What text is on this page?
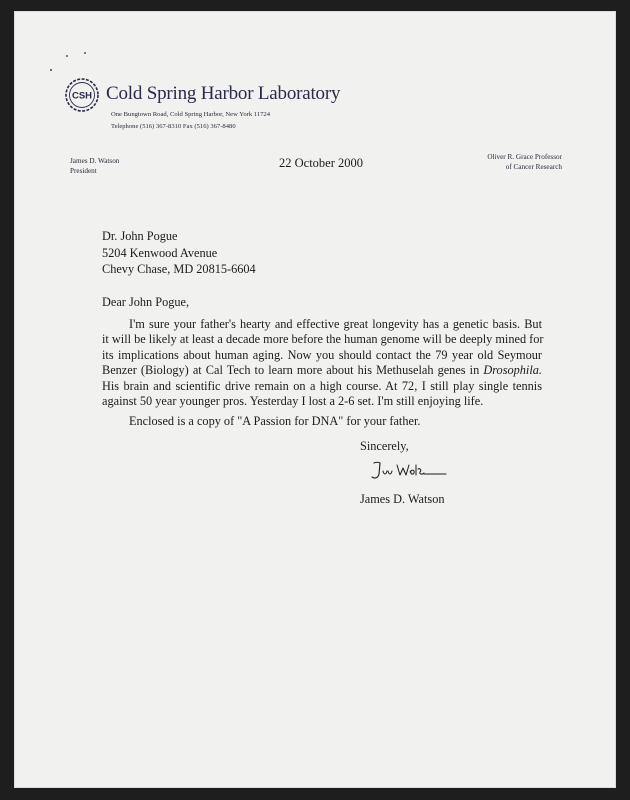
CSH Cold Spring Harbor Laboratory
One Bungtown Road, Cold Spring Harbor, New York 11724
Telephone (516) 367-8310 Fax (516) 367-8480
James D. Watson
President
22 October 2000	Oliver R. Grace Professor
of Cancer Research
Dr. John Pogue
5204 Kenwood Avenue
Chevy Chase, MD 20815-6604
Dear John Pogue,
I'm sure your father's hearty and effective great longevity has a genetic basis. But
it will be likely at least a decade more before the human genome will be deeply mined for
its implications about human aging. Now you should contact the 79 year old Seymour
Benzer (Biology) at Cal Tech to learn more about his Methuselah genes in Drosophila.
His brain and scientific drive remain on a high course. At 72, I still play single tennis
against 50 year younger pros. Yesterday I lost a 2-6 set. I'm still enjoying life.
Enclosed is a copy of "A Passion for DNA" for your father.
Sincerely,
James D. Watson
